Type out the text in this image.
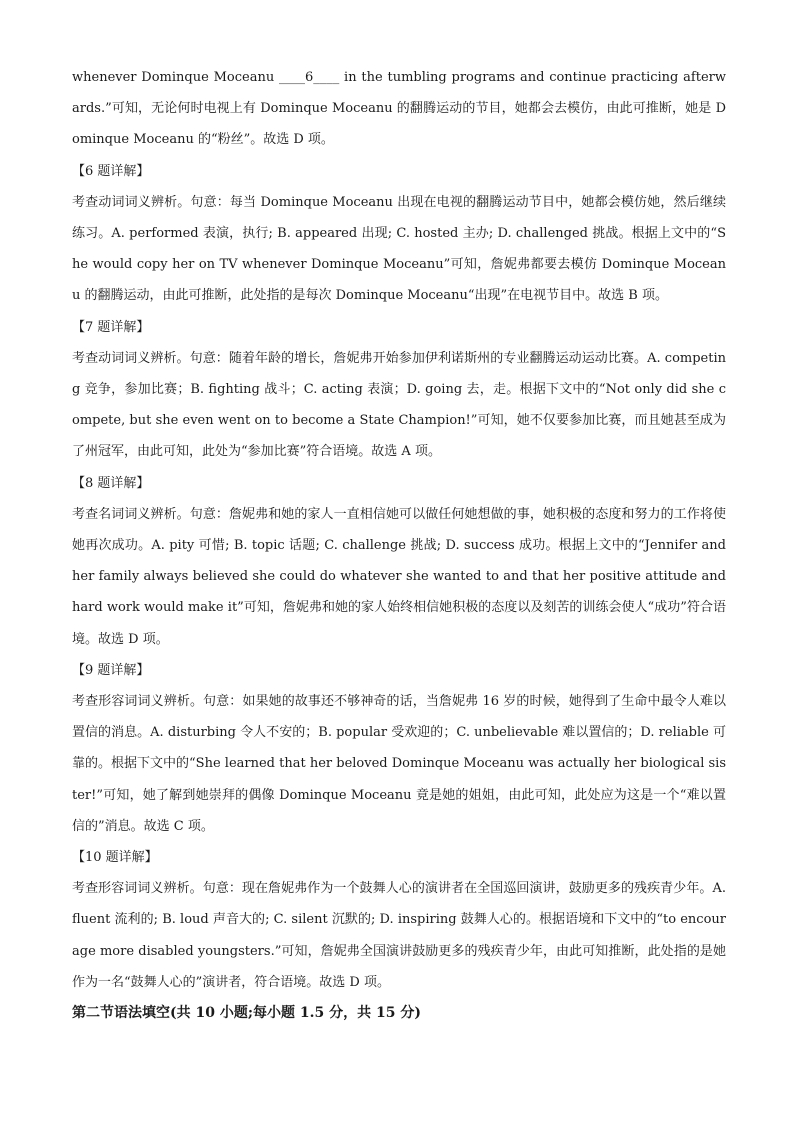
whenever Dominque Moceanu ____6____ in the tumbling programs and continue practicing afterwards.”可知，无论何时电视上有 Dominque Moceanu 的翻腾运动的节目，她都会去模仿，由此可推断，她是 Dominque Moceanu 的“粉丝”。故选 D 项。

【6 题详解】

考查动词词义辨析。句意：每当 Dominque Moceanu 出现在电视的翻腾运动节目中，她都会模仿她，然后继续练习。A. performed 表演，执行; B. appeared 出现; C. hosted 主办; D. challenged 挑战。根据上文中的“She would copy her on TV whenever Dominque Moceanu”可知，詹妮弗都要去模仿 Dominque Moceanu 的翻腾运动，由此可推断，此处指的是每次 Dominque Moceanu“出现”在电视节目中。故选 B 项。

【7 题详解】

考查动词词义辨析。句意：随着年龄的增长，詹妮弗开始参加伊利诺斯州的专业翻腾运动运动比赛。A. competing 竞争，参加比赛；B. fighting 战斗；C. acting 表演；D. going 去，走。根据下文中的“Not only did she compete, but she even went on to become a State Champion!”可知，她不仅要参加比赛，而且她甚至成为了州冠军，由此可知，此处为“参加比赛”符合语境。故选 A 项。

【8 题详解】

考查名词词义辨析。句意：詹妮弗和她的家人一直相信她可以做任何她想做的事，她积极的态度和努力的工作将使她再次成功。A. pity 可惜; B. topic 话题; C. challenge 挑战; D. success 成功。根据上文中的“Jennifer and her family always believed she could do whatever she wanted to and that her positive attitude and hard work would make it”可知，詹妮弗和她的家人始终相信她积极的态度以及刻苦的训练会使人“成功”符合语境。故选 D 项。

【9 题详解】

考查形容词词义辨析。句意：如果她的故事还不够神奇的话，当詹妮弗 16 岁的时候，她得到了生命中最令人难以置信的消息。A. disturbing 令人不安的；B. popular 受欢迎的；C. unbelievable 难以置信的；D. reliable 可靠的。根据下文中的“She learned that her beloved Dominque Moceanu was actually her biological sister!”可知，她了解到她崇拜的偶像 Dominque Moceanu 竟是她的姐姐，由此可知，此处应为这是一个“难以置信的”消息。故选 C 项。

【10 题详解】

考查形容词词义辨析。句意：现在詹妮弗作为一个鼓舞人心的演讲者在全国巡回演讲，鼓励更多的残疾青少年。A. fluent 流利的; B. loud 声音大的; C. silent 沉默的; D. inspiring 鼓舞人心的。根据语境和下文中的“to encourage more disabled youngsters.”可知，詹妮弗全国演讲鼓励更多的残疾青少年，由此可知推断，此处指的是她作为一名“鼓舞人心的”演讲者，符合语境。故选 D 项。

第二节语法填空(共 10 小题;每小题 1.5 分，共 15 分)
